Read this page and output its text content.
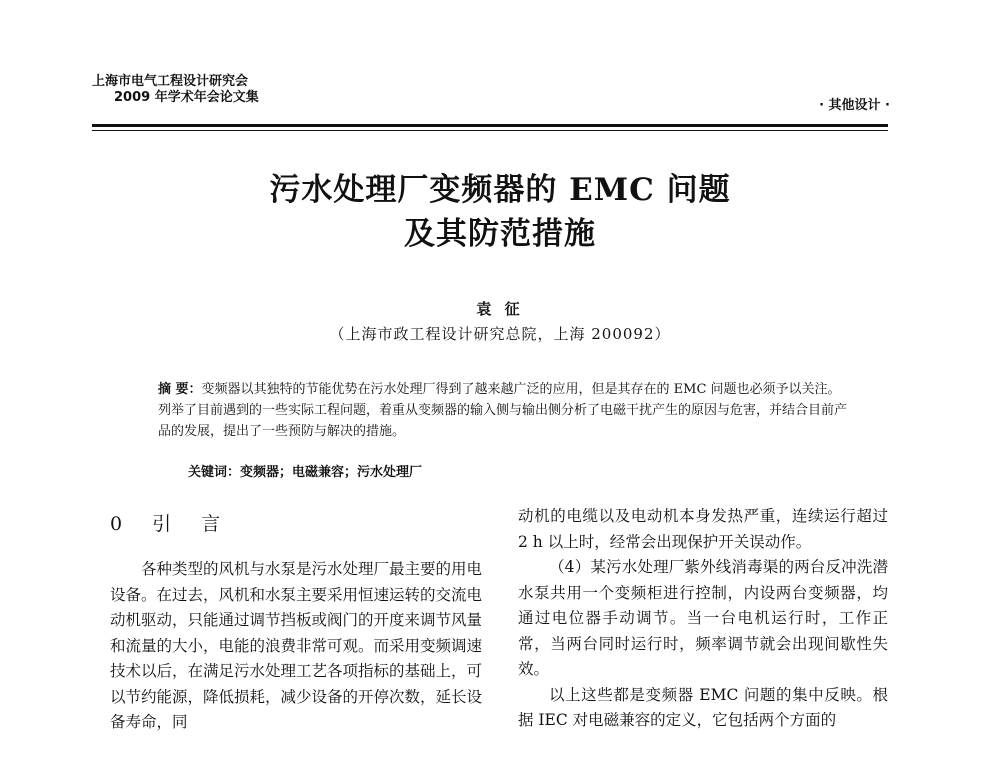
上海市电气工程设计研究会
2009 年学术年会论文集
· 其他设计 ·
污水处理厂变频器的 EMC 问题
及其防范措施
袁 征
（上海市政工程设计研究总院，上海 200092）
摘 要：变频器以其独特的节能优势在污水处理厂得到了越来越广泛的应用，但是其存在的 EMC 问题也必须予以关注。列举了目前遇到的一些实际工程问题，着重从变频器的输入侧与输出侧分析了电磁干扰产生的原因与危害，并结合目前产品的发展，提出了一些预防与解决的措施。
关键词：变频器；电磁兼容；污水处理厂
0 引 言

各种类型的风机与水泵是污水处理厂最主要的用电设备。在过去，风机和水泵主要采用恒速运转的交流电动机驱动，只能通过调节挡板或阀门的开度来调节风量和流量的大小，电能的浪费非常可观。而采用变频调速技术以后，在满足污水处理工艺各项指标的基础上，可以节约能源，降低损耗，减少设备的开停次数，延长设备寿命，同

动机的电缆以及电动机本身发热严重，连续运行超过 2 h 以上时，经常会出现保护开关误动作。

（4）某污水处理厂紫外线消毒渠的两台反冲洗潜水泵共用一个变频柜进行控制，内设两台变频器，均通过电位器手动调节。当一台电机运行时，工作正常，当两台同时运行时，频率调节就会出现间歇性失效。

以上这些都是变频器 EMC 问题的集中反映。根据 IEC 对电磁兼容的定义，它包括两个方面的
